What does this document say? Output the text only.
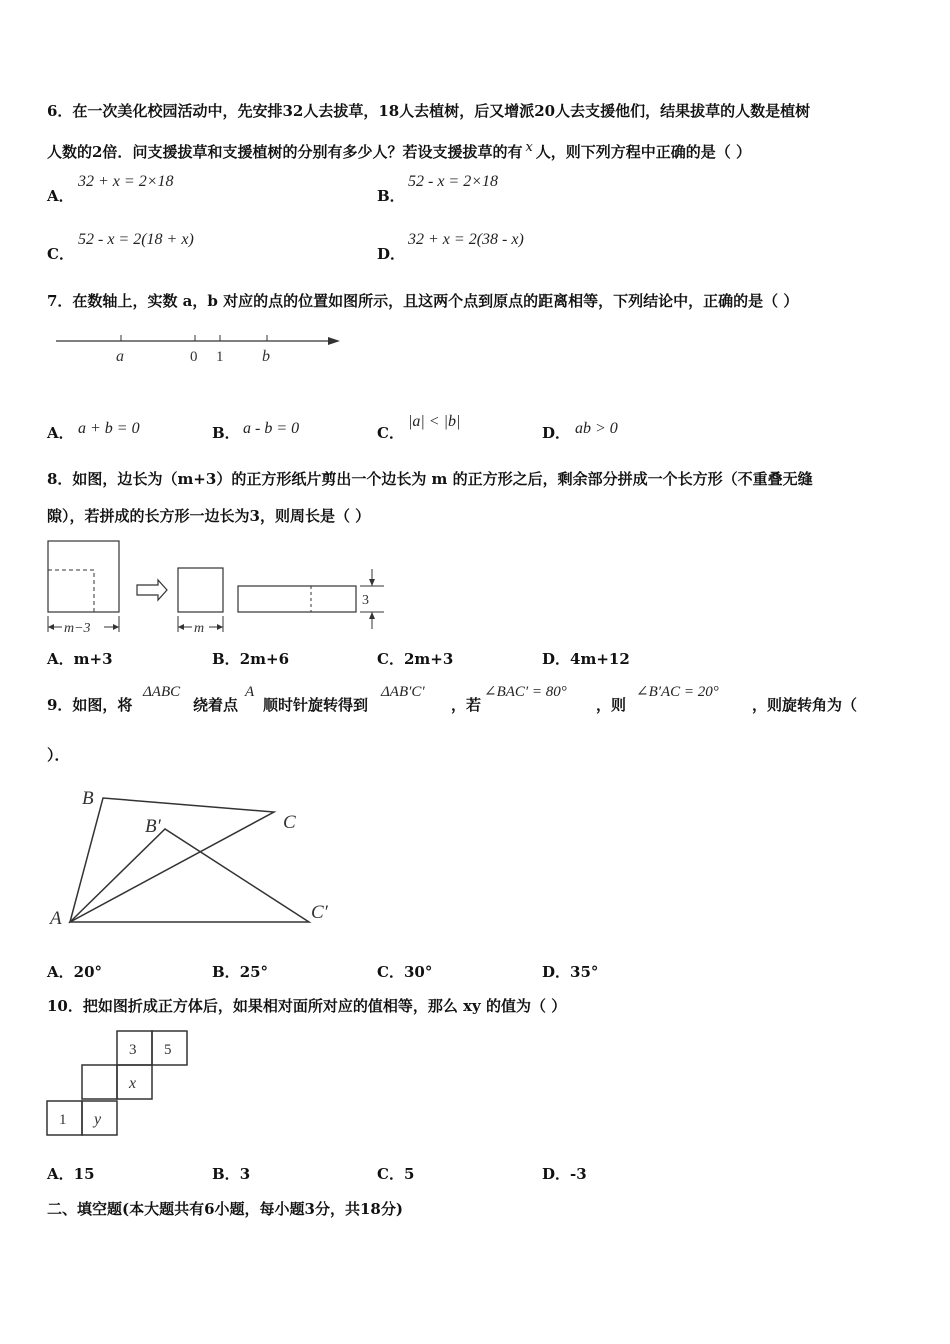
6．在一次美化校园活动中，先安排32人去拔草，18人去植树，后又增派20人去支援他们，结果拔草的人数是植树
人数的2倍．问支援拔草和支援植树的分别有多少人？若设支援拔草的有 x 人，则下列方程中正确的是（ ）
A．
32 + x = 2×18
B．
52 - x = 2×18
C．
52 - x = 2(18 + x)
D．
32 + x = 2(38 - x)
7．在数轴上，实数 a，b 对应的点的位置如图所示，且这两个点到原点的距离相等，下列结论中，正确的是（ ）
a	0 1 b
A． a + b = 0	B． a - b = 0	C．
|a| < |b|
D． ab > 0
8．如图，边长为（m+3）的正方形纸片剪出一个边长为 m 的正方形之后，剩余部分拼成一个长方形（不重叠无缝
隙），若拼成的长方形一边长为3，则周长是（ ）
m−3	m
3
A．m+3	B．2m+6	C．2m+3	D．4m+12
9．如图，将
ΔABC
绕着点
A
顺时针旋转得到
ΔAB′C′
，若
∠BAC′ = 80°
，则
∠B′AC = 20°
，则旋转角为（
）．
A
B
C
B′
C′
A．20°	B．25°	C．30°	D．35°
10．把如图折成正方体后，如果相对面所对应的值相等，那么 xy 的值为（ ）
3 5
x
1 y
A．15	B．3	C．5	D．-3
二、填空题(本大题共有6小题，每小题3分，共18分)
